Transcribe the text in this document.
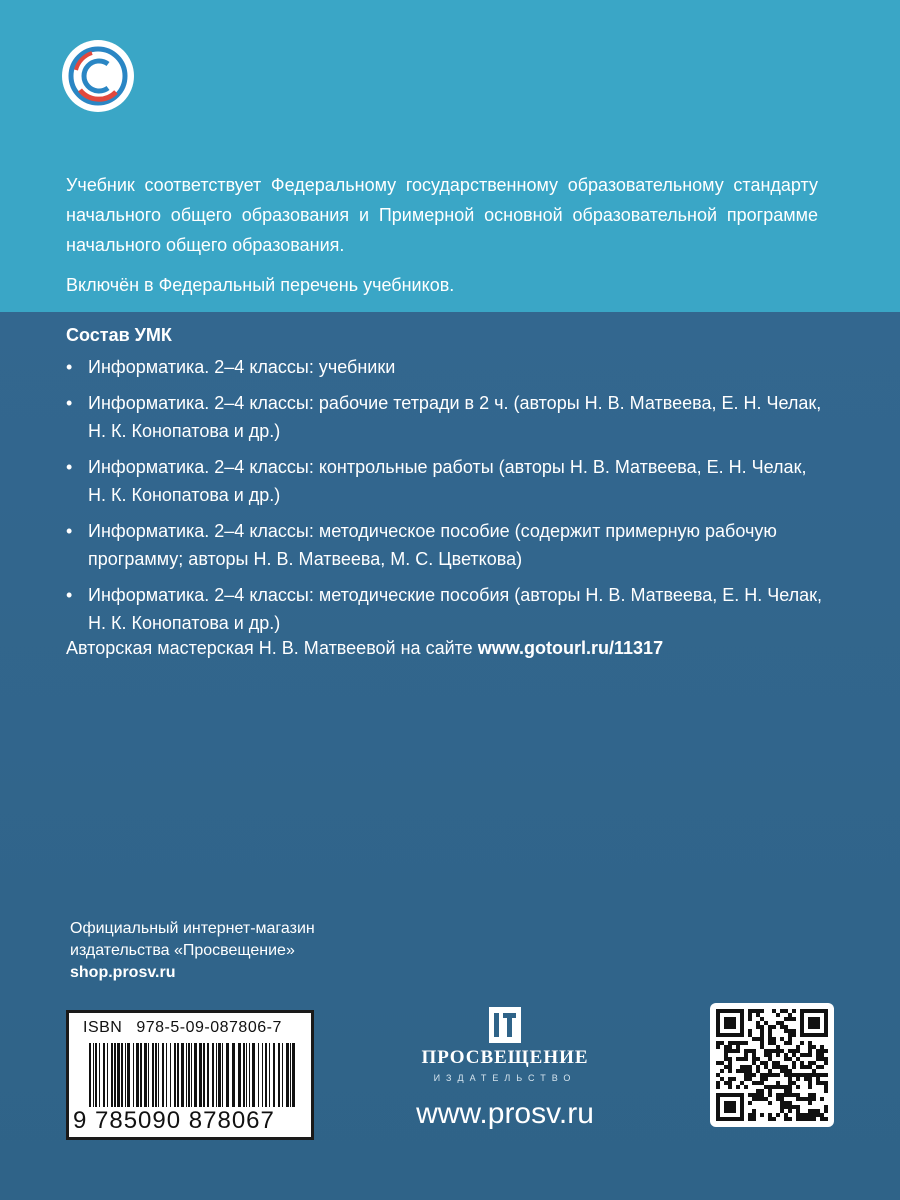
Учебник соответствует Федеральному государственному образовательному стандарту начального общего образования и Примерной основной образовательной программе начального общего образования.

Включён в Федеральный перечень учебников.

Состав УМК

• Информатика. 2–4 классы: учебники
• Информатика. 2–4 классы: рабочие тетради в 2 ч. (авторы Н. В. Матвеева, Е. Н. Челак, Н. К. Конопатова и др.)
• Информатика. 2–4 классы: контрольные работы (авторы Н. В. Матвеева, Е. Н. Челак, Н. К. Конопатова и др.)
• Информатика. 2–4 классы: методическое пособие (содержит примерную рабочую программу; авторы Н. В. Матвеева, М. С. Цветкова)
• Информатика. 2–4 классы: методические пособия (авторы Н. В. Матвеева, Е. Н. Челак, Н. К. Конопатова и др.)

Авторская мастерская Н. В. Матвеевой на сайте www.gotourl.ru/11317

Официальный интернет-магазин
издательства «Просвещение»
shop.prosv.ru

ISBN 978-5-09-087806-7
9 785090 878067
ПРОСВЕЩЕНИЕ
ИЗДАТЕЛЬСТВО
www.prosv.ru
